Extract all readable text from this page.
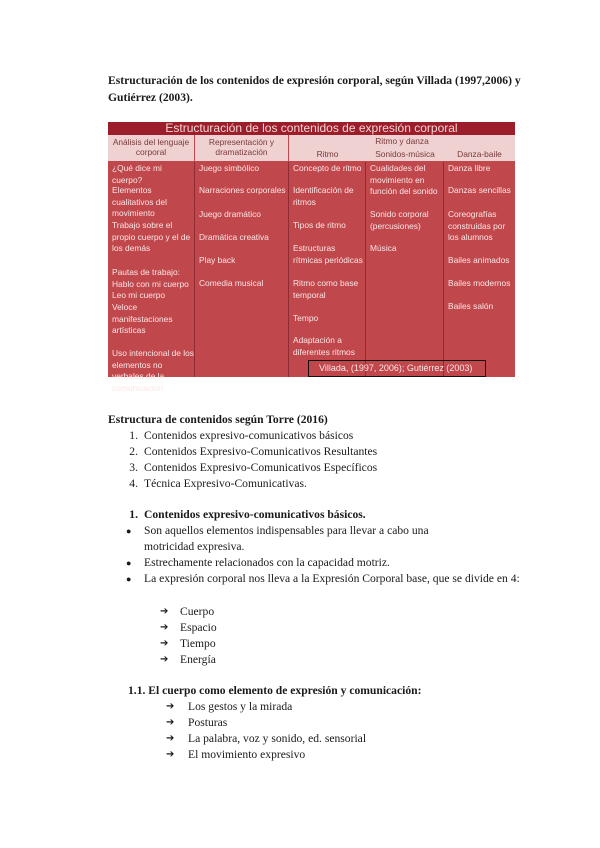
Estructuración de los contenidos de expresión corporal, según Villada (1997,2006) y Gutiérrez (2003).
Estructuración de los contenidos de expresión corporal
Análisis del lenguaje corporal
Representación y dramatización
Ritmo y danza
Ritmo	Sonidos-música	Danza-baile
¿Qué dice mi cuerpo?
Elementos cualitativos del movimiento
Trabajo sobre el propio cuerpo y el de los demás
Pautas de trabajo: Hablo con mi cuerpo Leo mi cuerpo
Veloce manifestaciones artísticas
Uso intencional de los elementos no verbales de la comunicación
Juego simbólico
Narraciones corporales
Juego dramático
Dramática creativa
Play back
Comedia musical
Concepto de ritmo
Identificación de ritmos
Tipos de ritmo
Estructuras rítmicas periódicas
Ritmo como base temporal
Tempo
Adaptación a diferentes ritmos
Cualidades del movimiento en función del sonido
Sonido corporal (percusiones)
Música
Danza libre
Danzas sencillas
Coreografías construidas por los alumnos
Bailes animados
Bailes modernos
Bailes salón
Villada, (1997, 2006); Gutiérrez (2003)
Estructura de contenidos según Torre (2016)
1. Contenidos expresivo-comunicativos básicos
2. Contenidos Expresivo-Comunicativos Resultantes
3. Contenidos Expresivo-Comunicativos Específicos
4. Técnica Expresivo-Comunicativas.
1. Contenidos expresivo-comunicativos básicos.
● Son aquellos elementos indispensables para llevar a cabo una motricidad expresiva.
● Estrechamente relacionados con la capacidad motriz.
● La expresión corporal nos lleva a la Expresión Corporal base, que se divide en 4:
➔ Cuerpo
➔ Espacio
➔ Tiempo
➔ Energía
1.1. El cuerpo como elemento de expresión y comunicación:
➔ Los gestos y la mirada
➔ Posturas
➔ La palabra, voz y sonido, ed. sensorial
➔ El movimiento expresivo
